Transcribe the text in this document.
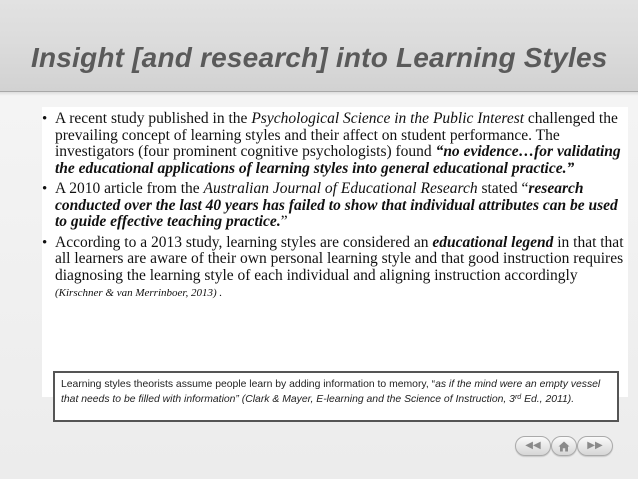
Insight [and research] into Learning Styles
• A recent study published in the Psychological Science in the Public Interest challenged the prevailing concept of learning styles and their affect on student performance. The investigators (four prominent cognitive psychologists) found “no evidence…for validating the educational applications of learning styles into general educational practice.”
• A 2010 article from the Australian Journal of Educational Research stated “research conducted over the last 40 years has failed to show that individual attributes can be used to guide effective teaching practice.”
• According to a 2013 study, learning styles are considered an educational legend in that that all learners are aware of their own personal learning style and that good instruction requires diagnosing the learning style of each individual and aligning instruction accordingly (Kirschner & van Merrinboer, 2013) .
Learning styles theorists assume people learn by adding information to memory, “as if the mind were an empty vessel that needs to be filled with information” (Clark & Mayer, E-learning and the Science of Instruction, 3rd Ed., 2011).
◀◀	▶▶
